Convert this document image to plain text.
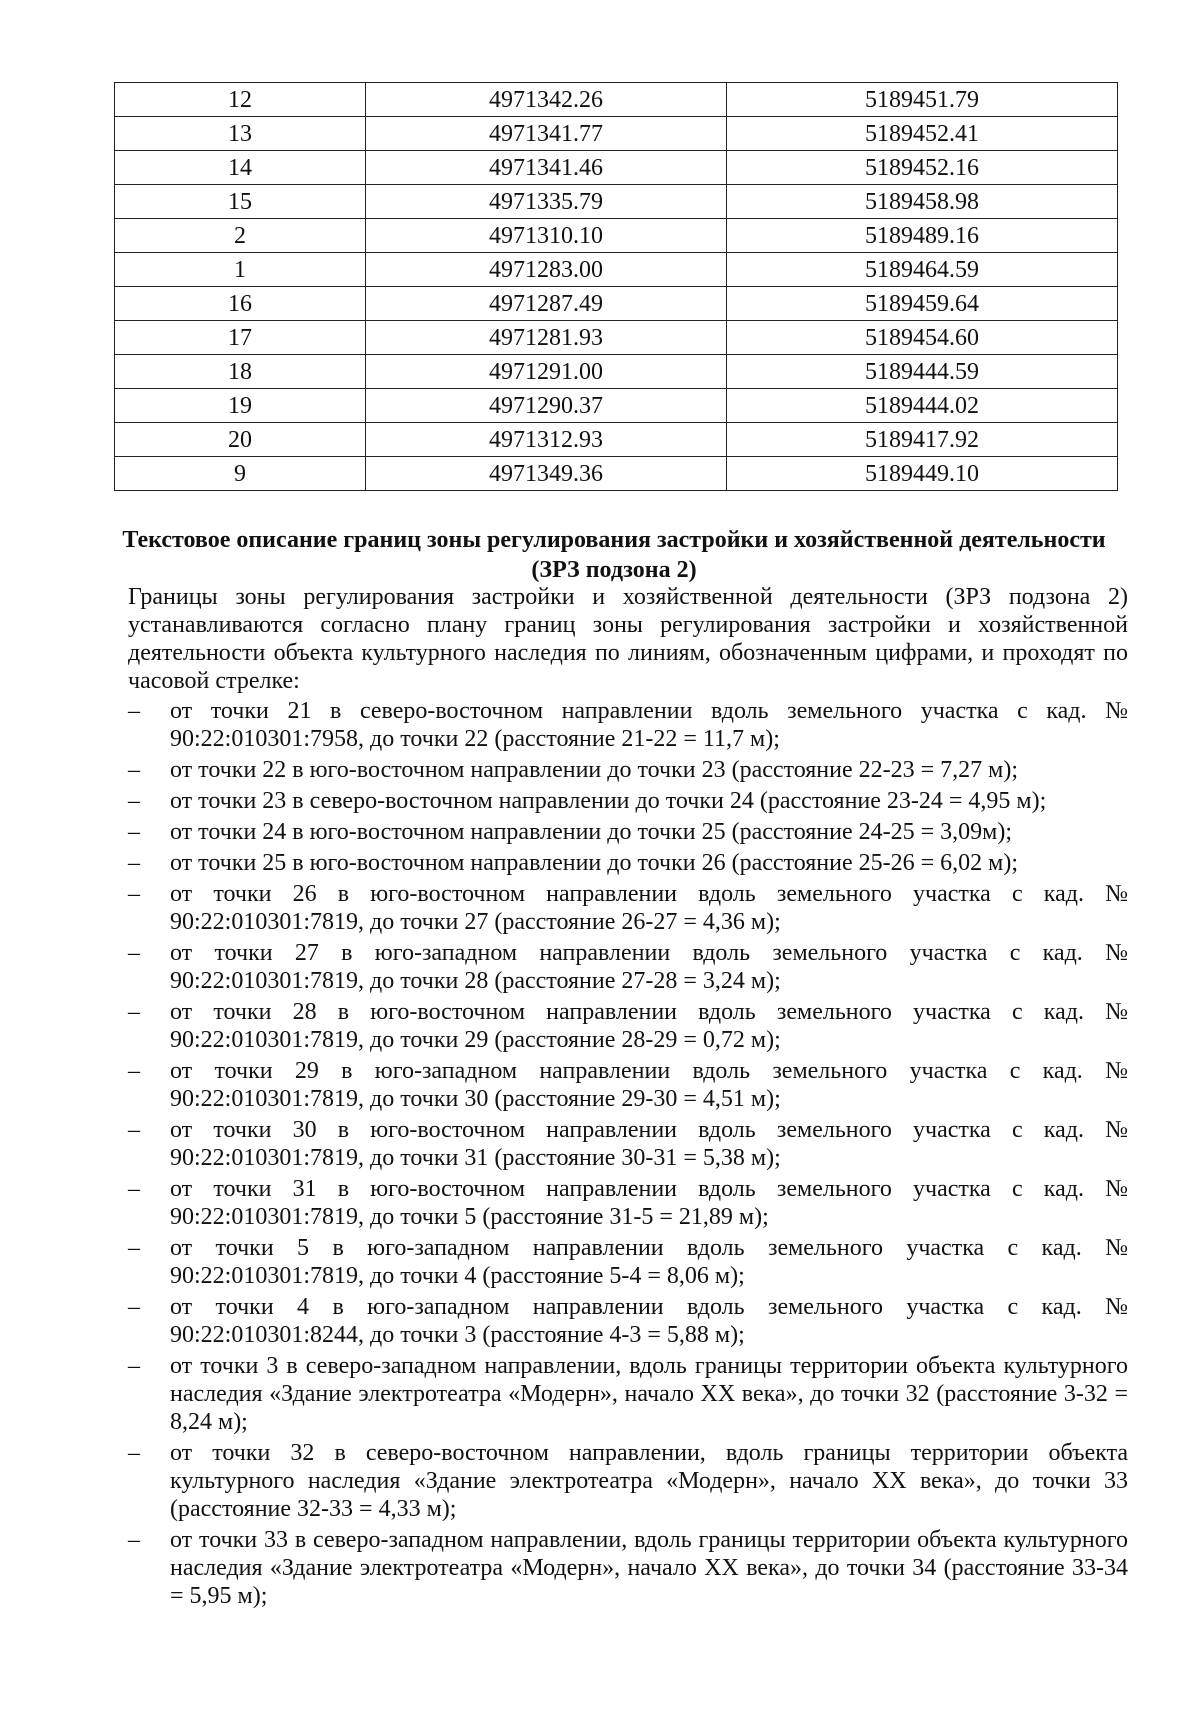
12	4971342.26	5189451.79
13	4971341.77	5189452.41
14	4971341.46	5189452.16
15	4971335.79	5189458.98
2	4971310.10	5189489.16
1	4971283.00	5189464.59
16	4971287.49	5189459.64
17	4971281.93	5189454.60
18	4971291.00	5189444.59
19	4971290.37	5189444.02
20	4971312.93	5189417.92
9	4971349.36	5189449.10
Текстовое описание границ зоны регулирования застройки и хозяйственной деятельности (ЗРЗ подзона 2)
Границы зоны регулирования застройки и хозяйственной деятельности (ЗРЗ подзона 2) устанавливаются согласно плану границ зоны регулирования застройки и хозяйственной деятельности объекта культурного наследия по линиям, обозначенным цифрами, и проходят по часовой стрелке:
–	от точки 21 в северо-восточном направлении вдоль земельного участка с кад. № 90:22:010301:7958, до точки 22 (расстояние 21-22 = 11,7 м);
–	от точки 22 в юго-восточном направлении до точки 23 (расстояние 22-23 = 7,27 м);
–	от точки 23 в северо-восточном направлении до точки 24 (расстояние 23-24 = 4,95 м);
–	от точки 24 в юго-восточном направлении до точки 25 (расстояние 24-25 = 3,09м);
–	от точки 25 в юго-восточном направлении до точки 26 (расстояние 25-26 = 6,02 м);
–	от точки 26 в юго-восточном направлении вдоль земельного участка с кад. № 90:22:010301:7819, до точки 27 (расстояние 26-27 = 4,36 м);
–	от точки 27 в юго-западном направлении вдоль земельного участка с кад. № 90:22:010301:7819, до точки 28 (расстояние 27-28 = 3,24 м);
–	от точки 28 в юго-восточном направлении вдоль земельного участка с кад. № 90:22:010301:7819, до точки 29 (расстояние 28-29 = 0,72 м);
–	от точки 29 в юго-западном направлении вдоль земельного участка с кад. № 90:22:010301:7819, до точки 30 (расстояние 29-30 = 4,51 м);
–	от точки 30 в юго-восточном направлении вдоль земельного участка с кад. № 90:22:010301:7819, до точки 31 (расстояние 30-31 = 5,38 м);
–	от точки 31 в юго-восточном направлении вдоль земельного участка с кад. № 90:22:010301:7819, до точки 5 (расстояние 31-5 = 21,89 м);
–	от точки 5 в юго-западном направлении вдоль земельного участка с кад. № 90:22:010301:7819, до точки 4 (расстояние 5-4 = 8,06 м);
–	от точки 4 в юго-западном направлении вдоль земельного участка с кад. № 90:22:010301:8244, до точки 3 (расстояние 4-3 = 5,88 м);
–	от точки 3 в северо-западном направлении, вдоль границы территории объекта культурного наследия «Здание электротеатра «Модерн», начало XX века», до точки 32 (расстояние 3-32 = 8,24 м);
–	от точки 32 в северо-восточном направлении, вдоль границы территории объекта культурного наследия «Здание электротеатра «Модерн», начало XX века», до точки 33 (расстояние 32-33 = 4,33 м);
–	от точки 33 в северо-западном направлении, вдоль границы территории объекта культурного наследия «Здание электротеатра «Модерн», начало XX века», до точки 34 (расстояние 33-34 = 5,95 м);
